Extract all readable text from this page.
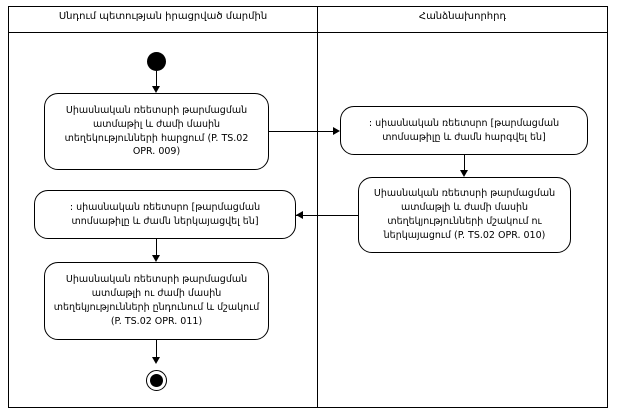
Սնդում պետության իրացրված մարմին	Հանձնախորհրդ
Սիասնական ռեետսրի թարմացման ատմաթիլ և ժամի մասին տեղեկությունների հարցում (P. TS.02 OPR. 009)
: սիասնական ռեետսրո [թարմացման տոմսաթիլը և ժամն հարգվել են]
Սիասնական ռեետսրի թարմացման ատմաթլի և ժամի մասին տեղեկյությունների մշակում ու ներկայացում (P. TS.02 OPR. 010)
: սիասնական ռեետսրո [թարմացման տոմսաթիլը և ժամն ներկայացվել են]
Սիասնական ռեետսրի թարմացման ատմաթլի ու ժամի մասին տեղեկյությունների ընդունում և մշակում (P. TS.02 OPR. 011)
